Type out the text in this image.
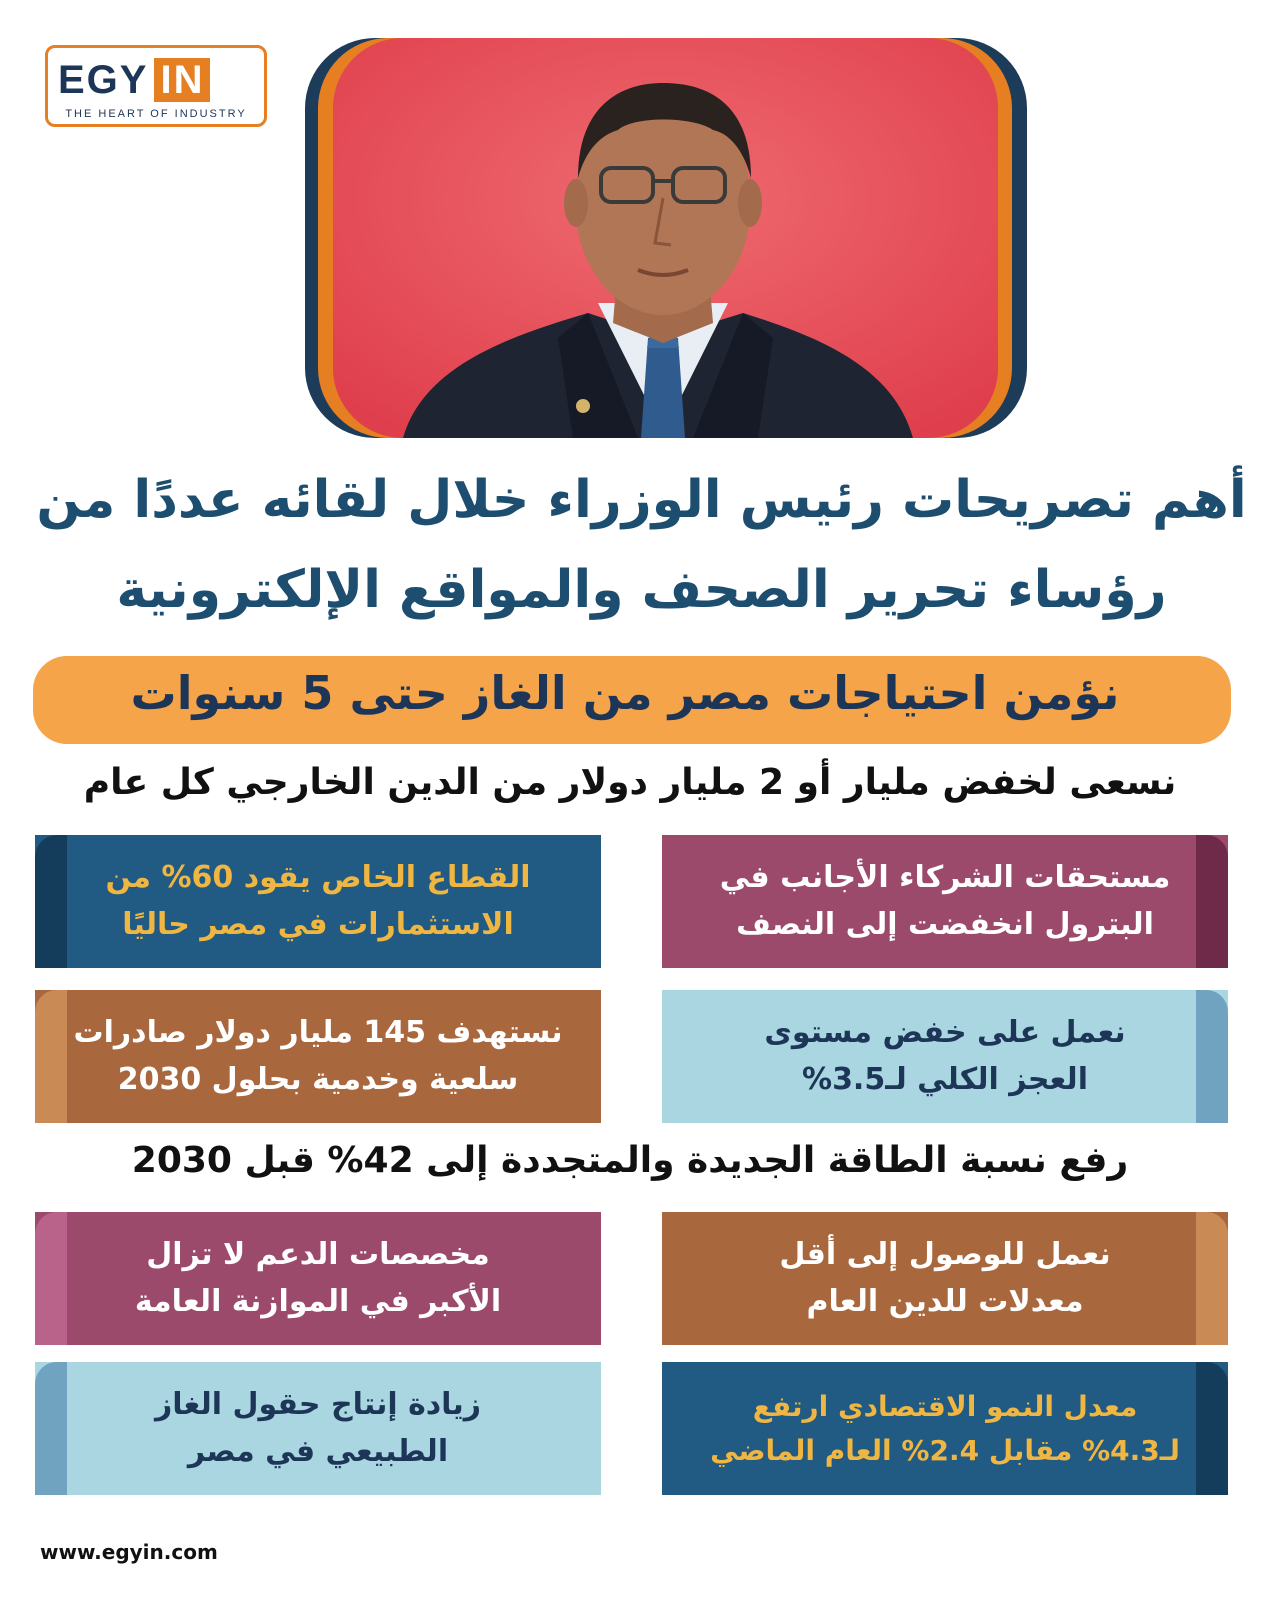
EGY IN
THE HEART OF INDUSTRY
أهم تصريحات رئيس الوزراء خلال لقائه عددًا من
رؤساء تحرير الصحف والمواقع الإلكترونية
نؤمن احتياجات مصر من الغاز حتى 5 سنوات
نسعى لخفض مليار أو 2 مليار دولار من الدين الخارجي كل عام
مستحقات الشركاء الأجانب في
البترول انخفضت إلى النصف
القطاع الخاص يقود 60% من
الاستثمارات في مصر حاليًا
نعمل على خفض مستوى
العجز الكلي لـ3.5%
نستهدف 145 مليار دولار صادرات
سلعية وخدمية بحلول 2030
رفع نسبة الطاقة الجديدة والمتجددة إلى 42% قبل 2030
نعمل للوصول إلى أقل
معدلات للدين العام
مخصصات الدعم لا تزال
الأكبر في الموازنة العامة
معدل النمو الاقتصادي ارتفع
لـ4.3% مقابل 2.4% العام الماضي
زيادة إنتاج حقول الغاز
الطبيعي في مصر
www.egyin.com
